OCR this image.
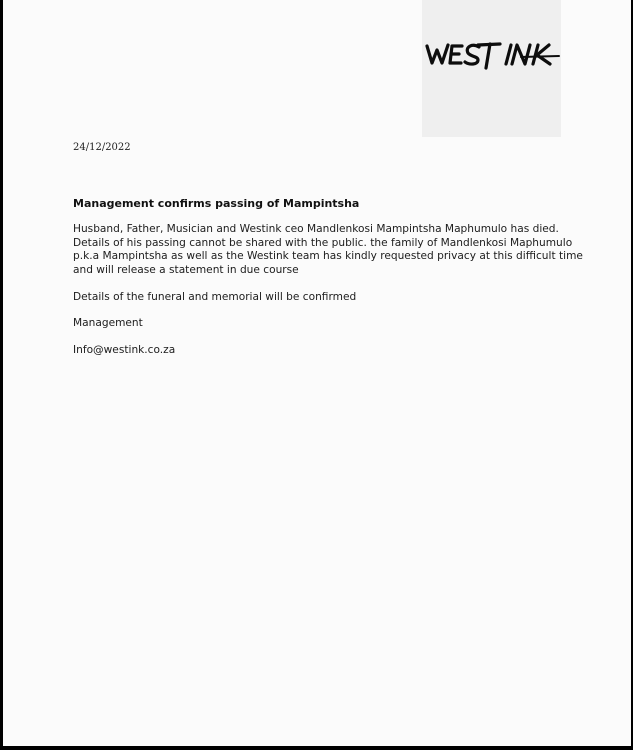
24/12/2022
Management confirms passing of Mampintsha

Husband, Father, Musician and Westink ceo Mandlenkosi Mampintsha Maphumulo has died. Details of his passing cannot be shared with the public. the family of Mandlenkosi Maphumulo p.k.a Mampintsha as well as the Westink team has kindly requested privacy at this difficult time and will release a statement in due course

Details of the funeral and memorial will be confirmed

Management

Info@westink.co.za
